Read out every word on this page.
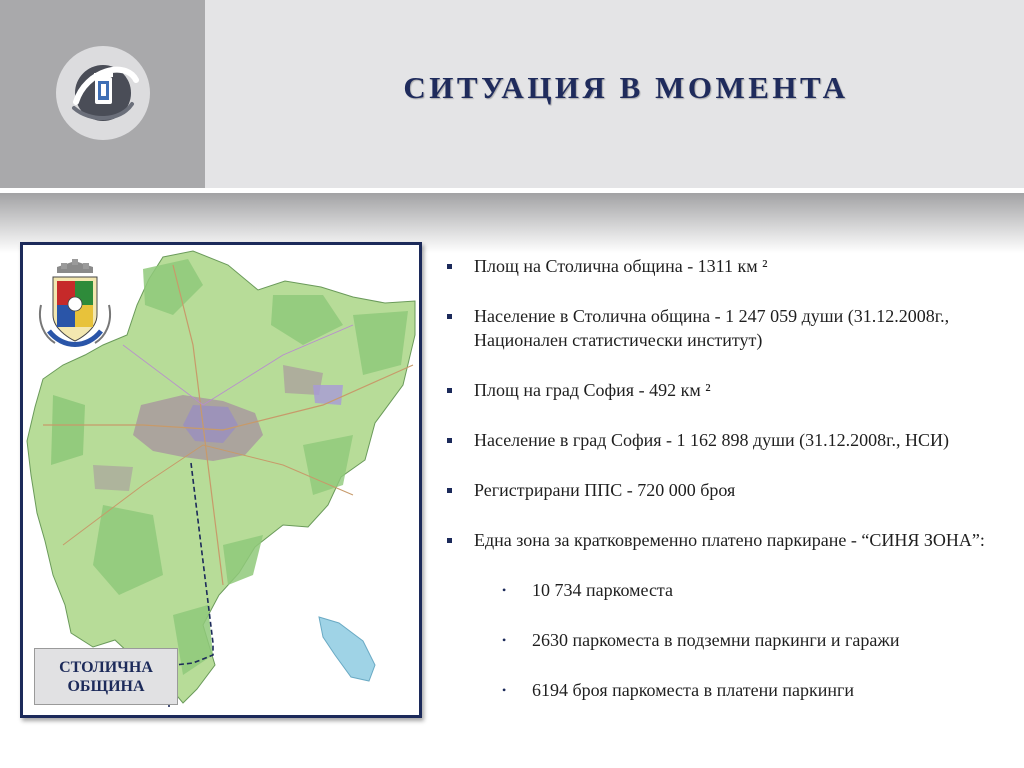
СИТУАЦИЯ В МОМЕНТА
СТОЛИЧНА
ОБЩИНА
Площ на Столична община - 1311 км ²
Население в Столична община - 1 247 059 души (31.12.2008г., Национален статистически институт)
Площ на град София - 492 км ²
Население в град София - 1 162 898 души (31.12.2008г., НСИ)
Регистрирани ППС - 720 000 броя
Една зона за кратковременно платено паркиране - “СИНЯ ЗОНА”:
• 10 734 паркоместа
• 2630 паркоместа в подземни паркинги и гаражи
• 6194 броя паркоместа в платени паркинги
